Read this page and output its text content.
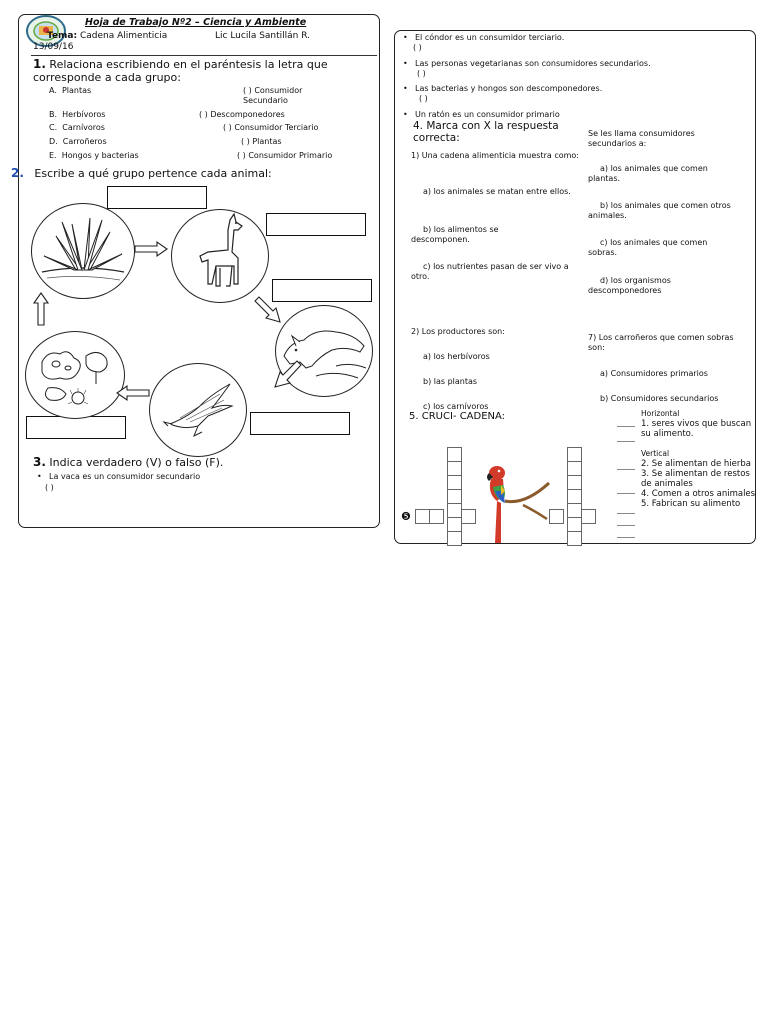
Hoja de Trabajo Nº2 – Ciencia y Ambiente
Tema: Cadena Alimenticia	Lic Lucila Santillán R.
13/09/16
1. Relaciona escribiendo en el paréntesis la letra que corresponde a cada grupo:
A. Plantas
B. Herbívoros
C. Carnívoros
D. Carroñeros
E. Hongos y bacterias
( ) Consumidor Secundario
( ) Descomponedores
( ) Consumidor Terciario
( ) Plantas
( ) Consumidor Primario
2. Escribe a qué grupo pertence cada animal:
3. Indica verdadero (V) o falso (F).
• La vaca es un consumidor secundario
( )
• El cóndor es un consumidor terciario.
( )
• Las personas vegetarianas son consumidores secundarios.
( )
• Las bacterias y hongos son descomponedores.
( )
• Un ratón es un consumidor primario
4. Marca con X la respuesta correcta:
1) Una cadena alimenticia muestra como:
a) los animales se matan entre ellos.
b) los alimentos se descomponen.
c) los nutrientes pasan de ser vivo a otro.
2) Los productores son:
a) los herbívoros
b) las plantas
c) los carnívoros
Se les llama consumidores secundarios a:
a) los animales que comen plantas.
b) los animales que comen otros animales.
c) los animales que comen sobras.
d) los organismos descomponedores
7) Los carroñeros que comen sobras son:
a) Consumidores primarios
b) Consumidores secundarios
5. CRUCI- CADENA:
❺
Horizontal
1. seres vivos que buscan su alimento.
Vertical
2. Se alimentan de hierba
3. Se alimentan de restos de animales
4. Comen a otros animales
5. Fabrican su alimento
